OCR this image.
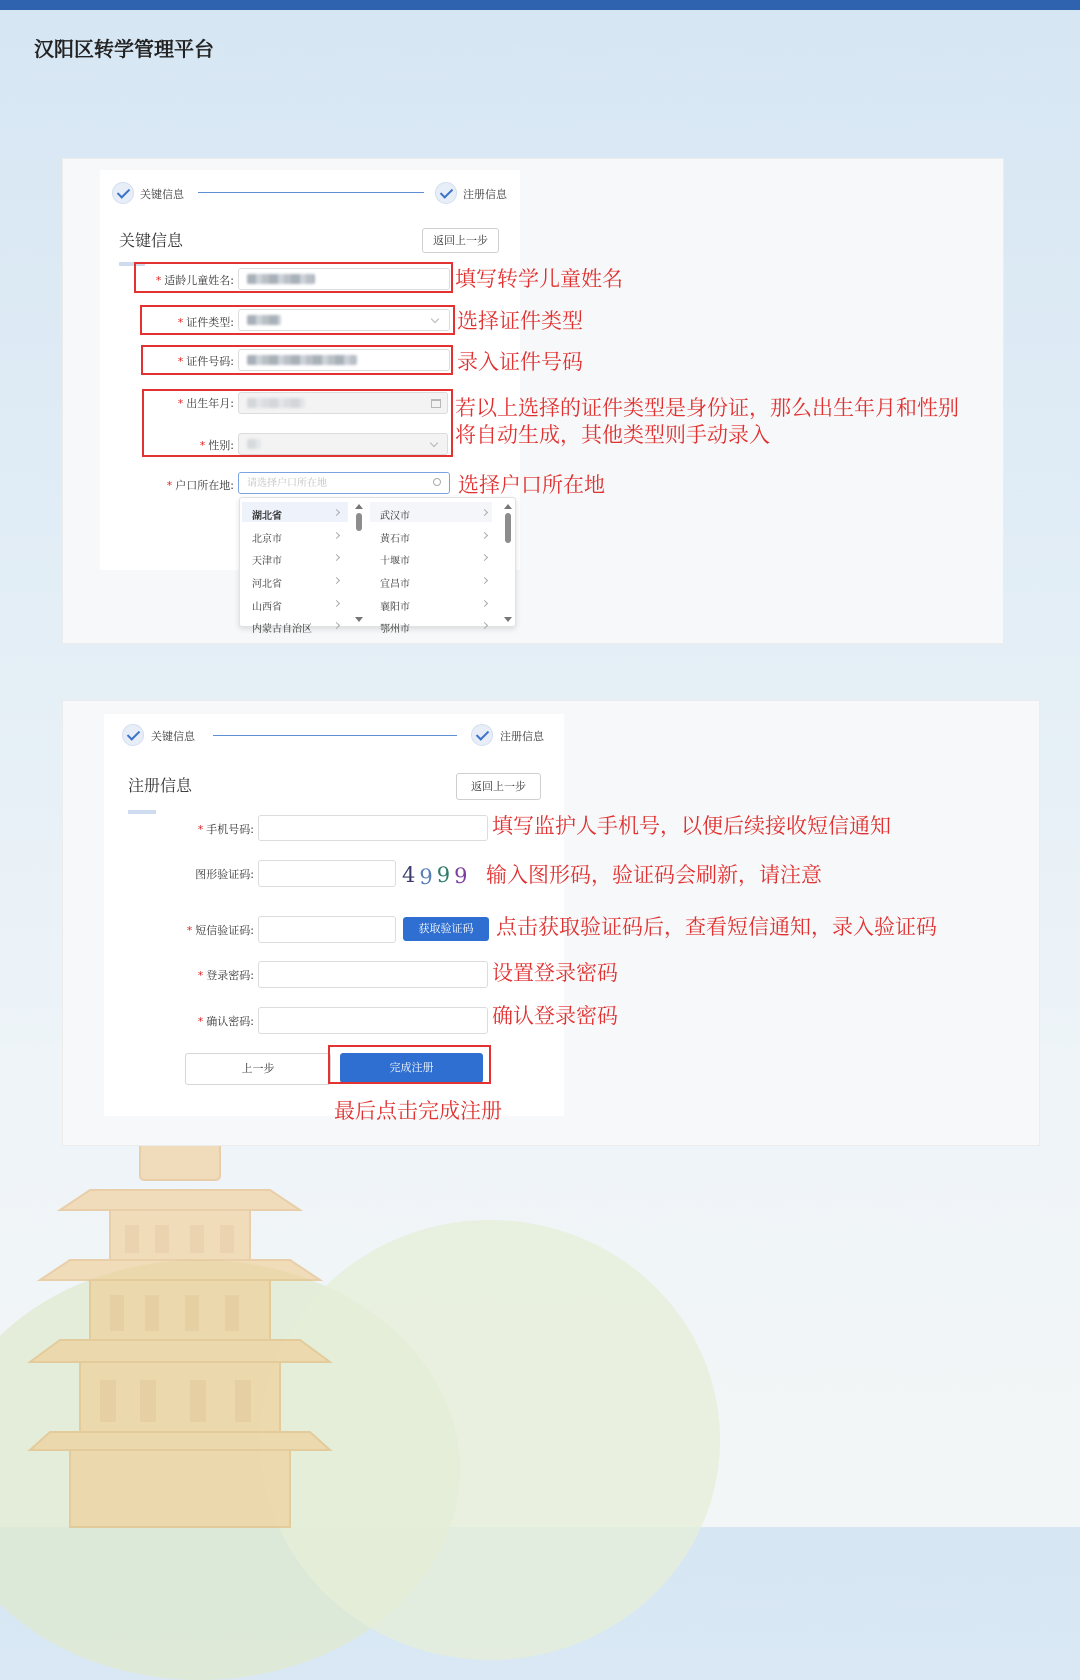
汉阳区转学管理平台
关键信息	注册信息
关键信息	返回上一步
* 适龄儿童姓名:	填写转学儿童姓名
* 证件类型:	选择证件类型
* 证件号码:	录入证件号码
* 出生年月:
* 性别:
若以上选择的证件类型是身份证，那么出生年月和性别
将自动生成，其他类型则手动录入
* 户口所在地:	请选择户口所在地	选择户口所在地
湖北省
北京市
天津市
河北省
山西省
内蒙古自治区
武汉市
黄石市
十堰市
宜昌市
襄阳市
鄂州市
关键信息	注册信息
注册信息	返回上一步
* 手机号码:	填写监护人手机号，以便后续接收短信通知
图形验证码:	4999 输入图形码，验证码会刷新，请注意
* 短信验证码:	获取验证码	点击获取验证码后，查看短信通知，录入验证码
* 登录密码:	设置登录密码
* 确认密码:	确认登录密码
上一步	完成注册
最后点击完成注册
